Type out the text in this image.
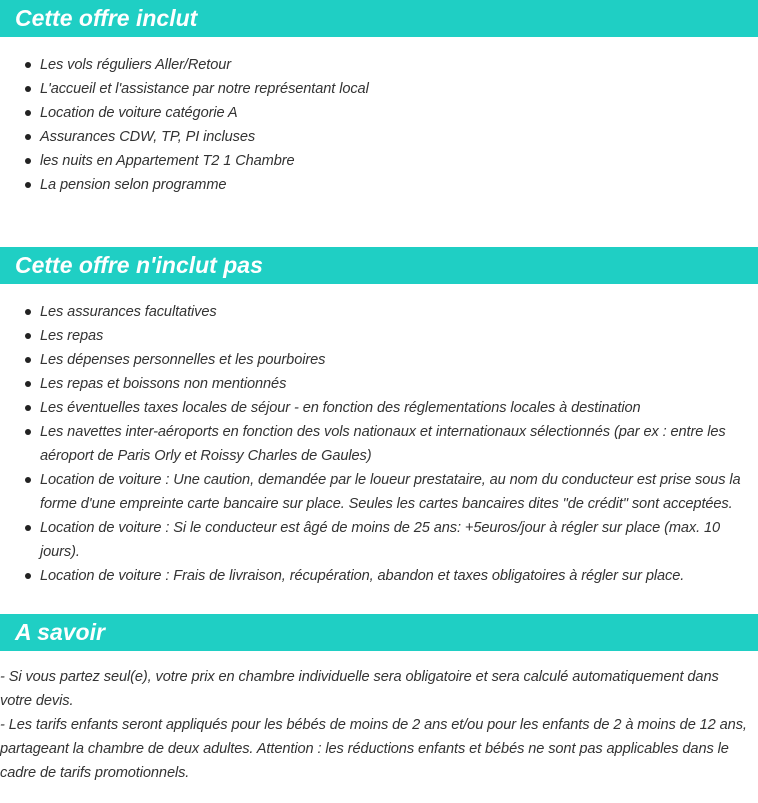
Cette offre inclut
Les vols réguliers Aller/Retour
L'accueil et l'assistance par notre représentant local
Location de voiture catégorie A
Assurances CDW, TP, PI incluses
les nuits en Appartement T2 1 Chambre
La pension selon programme
Cette offre n'inclut pas
Les assurances facultatives
Les repas
Les dépenses personnelles et les pourboires
Les repas et boissons non mentionnés
Les éventuelles taxes locales de séjour - en fonction des réglementations locales à destination
Les navettes inter-aéroports en fonction des vols nationaux et internationaux sélectionnés (par ex : entre les aéroport de Paris Orly et Roissy Charles de Gaules)
Location de voiture : Une caution, demandée par le loueur prestataire, au nom du conducteur est prise sous la forme d'une empreinte carte bancaire sur place. Seules les cartes bancaires dites "de crédit" sont acceptées.
Location de voiture : Si le conducteur est âgé de moins de 25 ans: +5euros/jour à régler sur place (max. 10 jours).
Location de voiture : Frais de livraison, récupération, abandon et taxes obligatoires à régler sur place.
A savoir

- Si vous partez seul(e), votre prix en chambre individuelle sera obligatoire et sera calculé automatiquement dans votre devis.

- Les tarifs enfants seront appliqués pour les bébés de moins de 2 ans et/ou pour les enfants de 2 à moins de 12 ans, partageant la chambre de deux adultes. Attention : les réductions enfants et bébés ne sont pas applicables dans le cadre de tarifs promotionnels.
